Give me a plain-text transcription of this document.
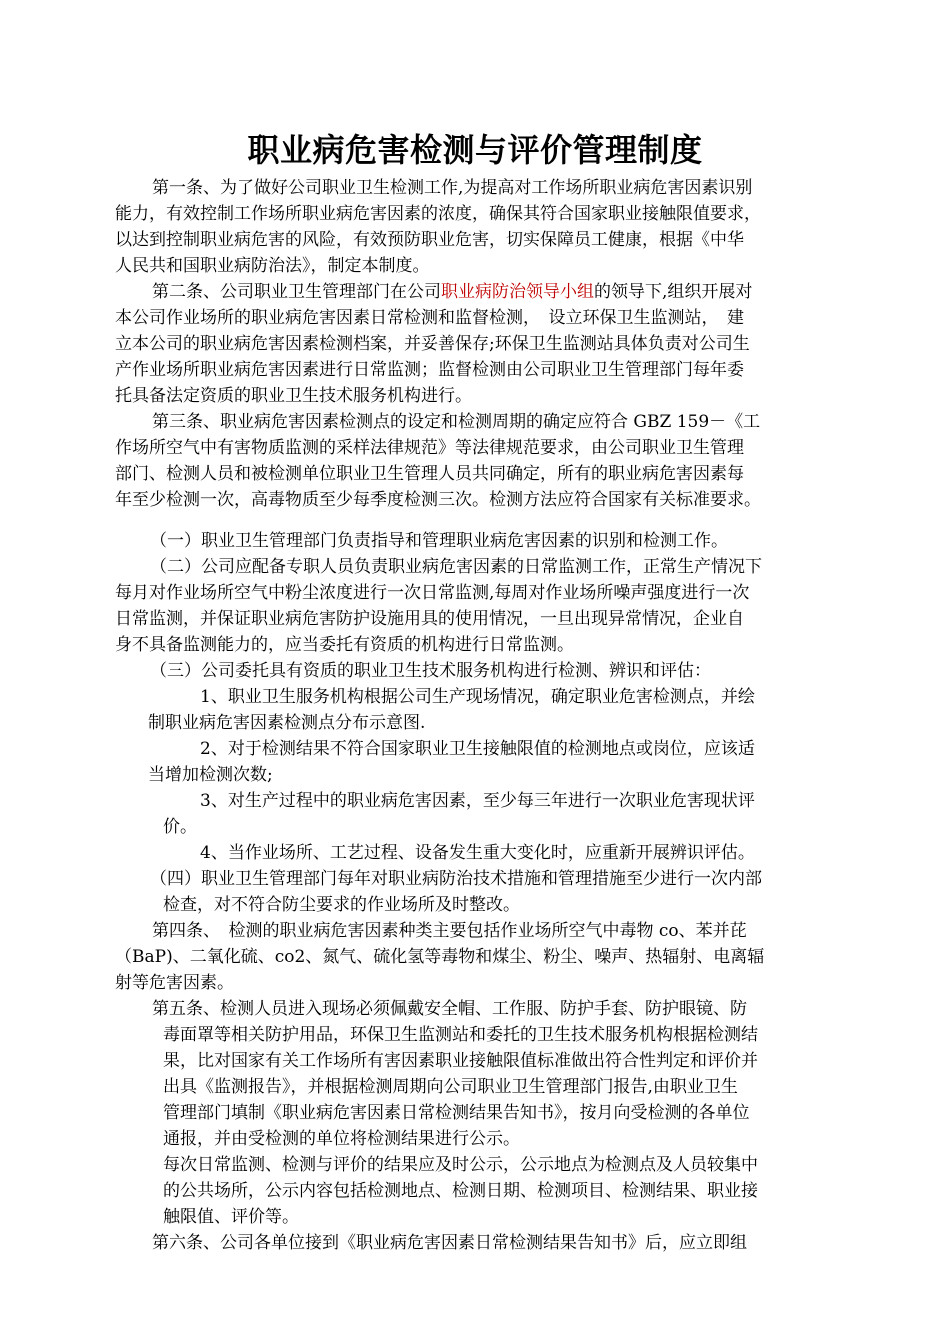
职业病危害检测与评价管理制度
第一条、为了做好公司职业卫生检测工作,为提高对工作场所职业病危害因素识别
能力，有效控制工作场所职业病危害因素的浓度，确保其符合国家职业接触限值要求，
以达到控制职业病危害的风险，有效预防职业危害，切实保障员工健康，根据《中华
人民共和国职业病防治法》，制定本制度。
第二条、公司职业卫生管理部门在公司职业病防治领导小组的领导下,组织开展对
本公司作业场所的职业病危害因素日常检测和监督检测，　设立环保卫生监测站，　建
立本公司的职业病危害因素检测档案，并妥善保存;环保卫生监测站具体负责对公司生
产作业场所职业病危害因素进行日常监测；监督检测由公司职业卫生管理部门每年委
托具备法定资质的职业卫生技术服务机构进行。
第三条、职业病危害因素检测点的设定和检测周期的确定应符合 GBZ 159－《工
作场所空气中有害物质监测的采样法律规范》等法律规范要求，由公司职业卫生管理
部门、检测人员和被检测单位职业卫生管理人员共同确定，所有的职业病危害因素每
年至少检测一次，高毒物质至少每季度检测三次。检测方法应符合国家有关标准要求。
（一）职业卫生管理部门负责指导和管理职业病危害因素的识别和检测工作。
（二）公司应配备专职人员负责职业病危害因素的日常监测工作，正常生产情况下
每月对作业场所空气中粉尘浓度进行一次日常监测,每周对作业场所噪声强度进行一次
日常监测，并保证职业病危害防护设施用具的使用情况，一旦出现异常情况，企业自
身不具备监测能力的，应当委托有资质的机构进行日常监测。
（三）公司委托具有资质的职业卫生技术服务机构进行检测、辨识和评估：
1、职业卫生服务机构根据公司生产现场情况，确定职业危害检测点，并绘
制职业病危害因素检测点分布示意图.
2、对于检测结果不符合国家职业卫生接触限值的检测地点或岗位，应该适
当增加检测次数;
3、对生产过程中的职业病危害因素，至少每三年进行一次职业危害现状评
价。
4、当作业场所、工艺过程、设备发生重大变化时，应重新开展辨识评估。
（四）职业卫生管理部门每年对职业病防治技术措施和管理措施至少进行一次内部
检查，对不符合防尘要求的作业场所及时整改。
第四条、　检测的职业病危害因素种类主要包括作业场所空气中毒物 co、苯并芘
（BaP)、二氧化硫、co2、氮气、硫化氢等毒物和煤尘、粉尘、噪声、热辐射、电离辐
射等危害因素。
第五条、检测人员进入现场必须佩戴安全帽、工作服、防护手套、防护眼镜、防
毒面罩等相关防护用品，环保卫生监测站和委托的卫生技术服务机构根据检测结
果，比对国家有关工作场所有害因素职业接触限值标准做出符合性判定和评价并
出具《监测报告》，并根据检测周期向公司职业卫生管理部门报告,由职业卫生
管理部门填制《职业病危害因素日常检测结果告知书》，按月向受检测的各单位
通报，并由受检测的单位将检测结果进行公示。
每次日常监测、检测与评价的结果应及时公示，公示地点为检测点及人员较集中
的公共场所，公示内容包括检测地点、检测日期、检测项目、检测结果、职业接
触限值、评价等。
第六条、公司各单位接到《职业病危害因素日常检测结果告知书》后，应立即组
